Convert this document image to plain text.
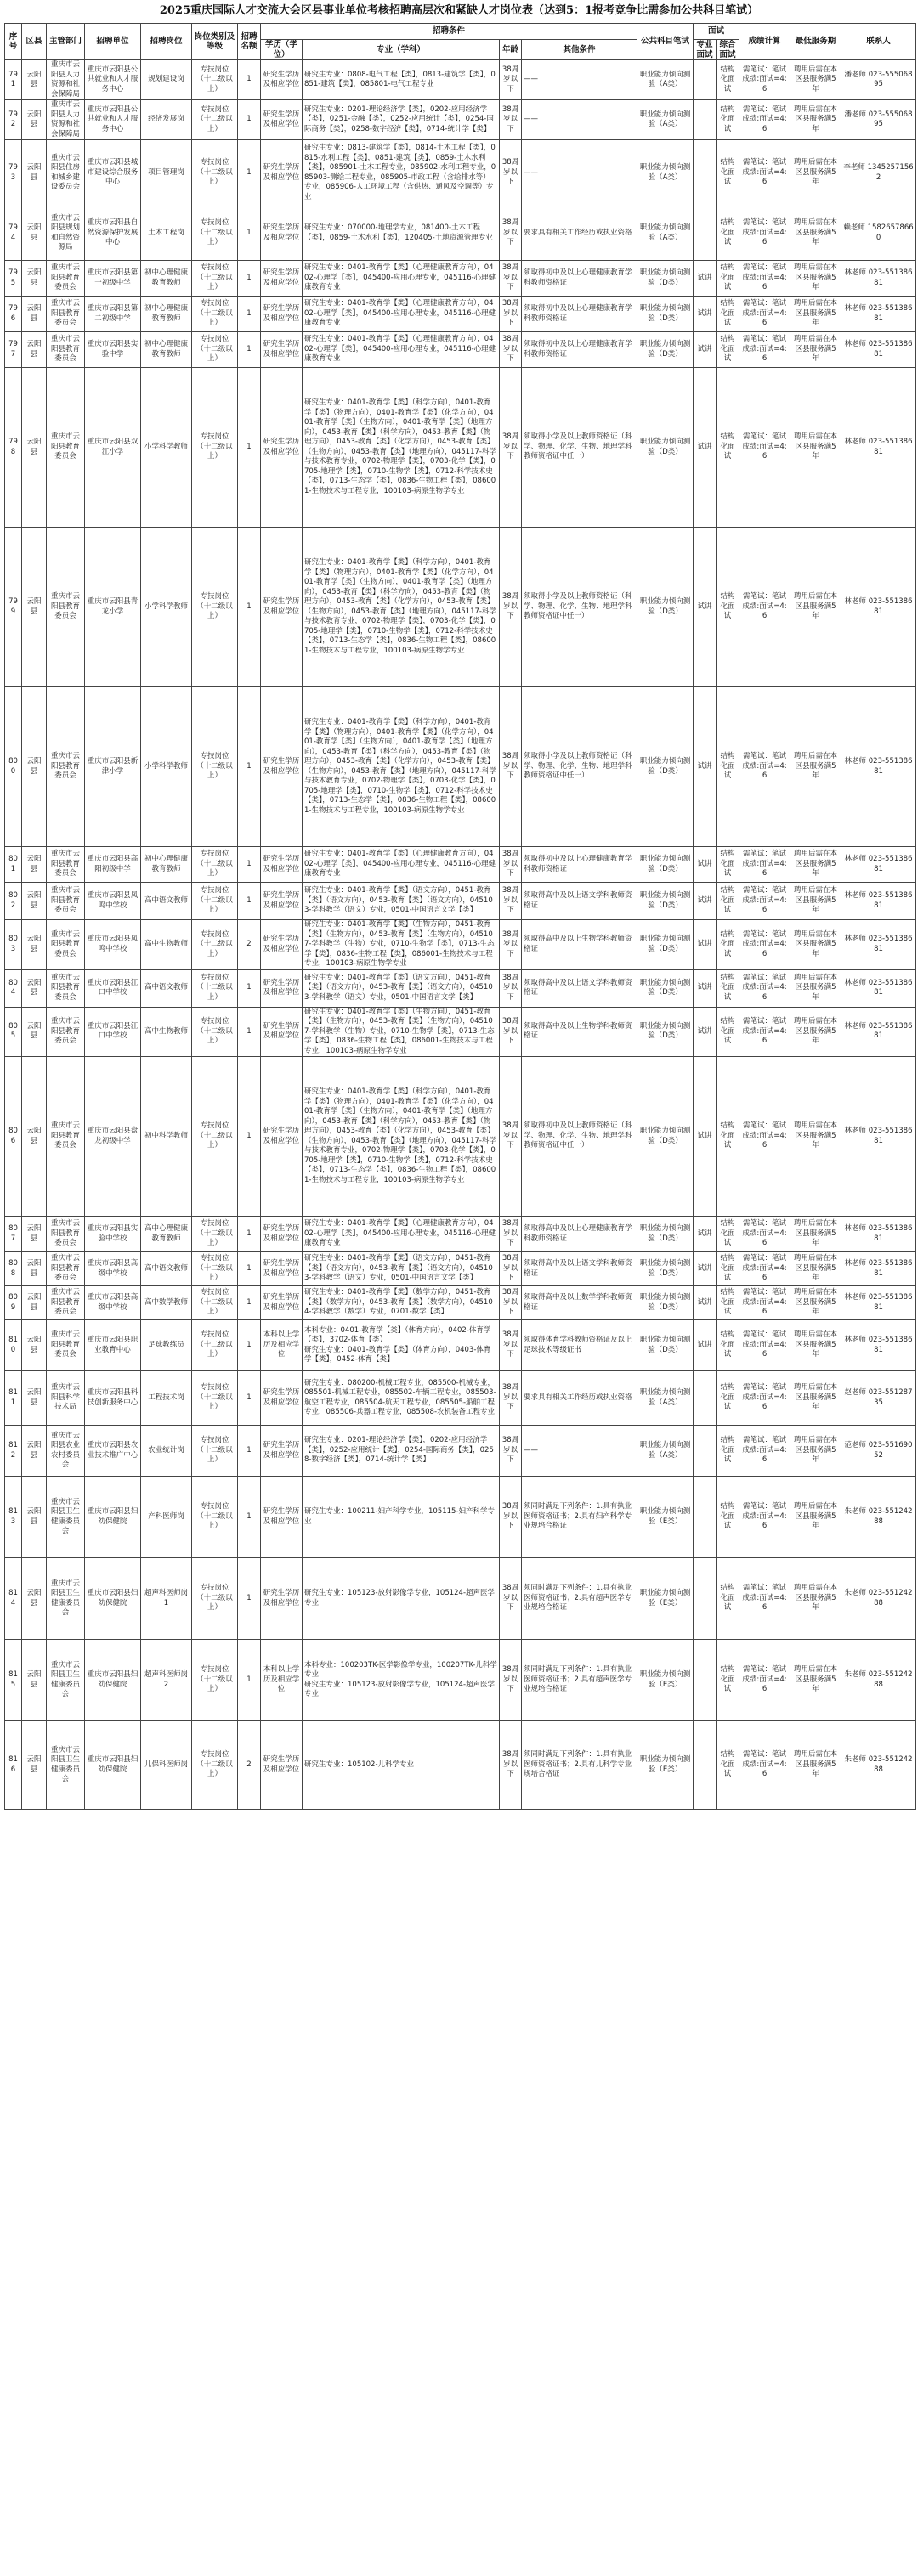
2025重庆国际人才交流大会区县事业单位考核招聘高层次和紧缺人才岗位表（达到5：1报考竞争比需参加公共科目笔试）
序号	区县	主管部门	招聘单位	招聘岗位	岗位类别及等级	招聘名额	招聘条件				公共科目笔试	面试		成绩计算	最低服务期	联系人
							学历（学位）	专业（学科）	年龄	其他条件		专业面试	综合面试			
791	云阳县	重庆市云阳县人力资源和社会保障局	重庆市云阳县公共就业和人才服务中心	规划建设岗	专技岗位（十二级以上）	1	研究生学历及相应学位	研究生专业：0808-电气工程【类】，0813-建筑学【类】，0851-建筑【类】，085801-电气工程专业	38周岁以下	——	职业能力倾向测验（A类）		结构化面试	需笔试：笔试成绩:面试=4:6	聘用后需在本区县服务满5年	潘老师 023-55506895
792	云阳县	重庆市云阳县人力资源和社会保障局	重庆市云阳县公共就业和人才服务中心	经济发展岗	专技岗位（十二级以上）	1	研究生学历及相应学位	研究生专业：0201-理论经济学【类】，0202-应用经济学【类】，0251-金融【类】，0252-应用统计【类】，0254-国际商务【类】，0258-数字经济【类】，0714-统计学【类】	38周岁以下	——	职业能力倾向测验（A类）		结构化面试	需笔试：笔试成绩:面试=4:6	聘用后需在本区县服务满5年	潘老师 023-55506895
793	云阳县	重庆市云阳县住房和城乡建设委员会	重庆市云阳县城市建设综合服务中心	项目管理岗	专技岗位（十二级以上）	1	研究生学历及相应学位	研究生专业：0813-建筑学【类】，0814-土木工程【类】，0815-水利工程【类】，0851-建筑【类】，0859-土木水利【类】，085901-土木工程专业，085902-水利工程专业，085903-测绘工程专业，085905-市政工程（含给排水等）专业，085906-人工环境工程（含供热、通风及空调等）专业	38周岁以下	——	职业能力倾向测验（A类）		结构化面试	需笔试：笔试成绩:面试=4:6	聘用后需在本区县服务满5年	李老师 13452571562
794	云阳县	重庆市云阳县规划和自然资源局	重庆市云阳县自然资源保护发展中心	土木工程岗	专技岗位（十二级以上）	1	研究生学历及相应学位	研究生专业：070000-地理学专业，081400-土木工程【类】，0859-土木水利【类】，120405-土地资源管理专业	38周岁以下	要求具有相关工作经历或执业资格	职业能力倾向测验（A类）		结构化面试	需笔试：笔试成绩:面试=4:6	聘用后需在本区县服务满5年	赖老师 15826578660
795	云阳县	重庆市云阳县教育委员会	重庆市云阳县第一初级中学	初中心理健康教育教师	专技岗位（十二级以上）	1	研究生学历及相应学位	研究生专业：0401-教育学【类】（心理健康教育方向），0402-心理学【类】，045400-应用心理专业，045116-心理健康教育专业	38周岁以下	须取得初中及以上心理健康教育学科教师资格证	职业能力倾向测验（D类）	试讲	结构化面试	需笔试：笔试成绩:面试=4:6	聘用后需在本区县服务满5年	林老师 023-55138681
796	云阳县	重庆市云阳县教育委员会	重庆市云阳县第二初级中学	初中心理健康教育教师	专技岗位（十二级以上）	1	研究生学历及相应学位	研究生专业：0401-教育学【类】（心理健康教育方向），0402-心理学【类】，045400-应用心理专业，045116-心理健康教育专业	38周岁以下	须取得初中及以上心理健康教育学科教师资格证	职业能力倾向测验（D类）	试讲	结构化面试	需笔试：笔试成绩:面试=4:6	聘用后需在本区县服务满5年	林老师 023-55138681
797	云阳县	重庆市云阳县教育委员会	重庆市云阳县实验中学	初中心理健康教育教师	专技岗位（十二级以上）	1	研究生学历及相应学位	研究生专业：0401-教育学【类】（心理健康教育方向），0402-心理学【类】，045400-应用心理专业，045116-心理健康教育专业	38周岁以下	须取得初中及以上心理健康教育学科教师资格证	职业能力倾向测验（D类）	试讲	结构化面试	需笔试：笔试成绩:面试=4:6	聘用后需在本区县服务满5年	林老师 023-55138681
798	云阳县	重庆市云阳县教育委员会	重庆市云阳县双江小学	小学科学教师	专技岗位（十二级以上）	1	研究生学历及相应学位	研究生专业：0401-教育学【类】（科学方向），0401-教育学【类】（物理方向），0401-教育学【类】（化学方向），0401-教育学【类】（生物方向），0401-教育学【类】（地理方向），0453-教育【类】（科学方向），0453-教育【类】（物理方向），0453-教育【类】（化学方向），0453-教育【类】（生物方向），0453-教育【类】（地理方向），045117-科学与技术教育专业，0702-物理学【类】，0703-化学【类】，0705-地理学【类】，0710-生物学【类】，0712-科学技术史【类】，0713-生态学【类】，0836-生物工程【类】，086001-生物技术与工程专业，100103-病原生物学专业	38周岁以下	须取得小学及以上教师资格证（科学、物理、化学、生物、地理学科教师资格证中任一）	职业能力倾向测验（D类）	试讲	结构化面试	需笔试：笔试成绩:面试=4:6	聘用后需在本区县服务满5年	林老师 023-55138681
799	云阳县	重庆市云阳县教育委员会	重庆市云阳县青龙小学	小学科学教师	专技岗位（十二级以上）	1	研究生学历及相应学位	研究生专业：0401-教育学【类】（科学方向），0401-教育学【类】（物理方向），0401-教育学【类】（化学方向），0401-教育学【类】（生物方向），0401-教育学【类】（地理方向），0453-教育【类】（科学方向），0453-教育【类】（物理方向），0453-教育【类】（化学方向），0453-教育【类】（生物方向），0453-教育【类】（地理方向），045117-科学与技术教育专业，0702-物理学【类】，0703-化学【类】，0705-地理学【类】，0710-生物学【类】，0712-科学技术史【类】，0713-生态学【类】，0836-生物工程【类】，086001-生物技术与工程专业，100103-病原生物学专业	38周岁以下	须取得小学及以上教师资格证（科学、物理、化学、生物、地理学科教师资格证中任一）	职业能力倾向测验（D类）	试讲	结构化面试	需笔试：笔试成绩:面试=4:6	聘用后需在本区县服务满5年	林老师 023-55138681
800	云阳县	重庆市云阳县教育委员会	重庆市云阳县新津小学	小学科学教师	专技岗位（十二级以上）	1	研究生学历及相应学位	研究生专业：0401-教育学【类】（科学方向），0401-教育学【类】（物理方向），0401-教育学【类】（化学方向），0401-教育学【类】（生物方向），0401-教育学【类】（地理方向），0453-教育【类】（科学方向），0453-教育【类】（物理方向），0453-教育【类】（化学方向），0453-教育【类】（生物方向），0453-教育【类】（地理方向），045117-科学与技术教育专业，0702-物理学【类】，0703-化学【类】，0705-地理学【类】，0710-生物学【类】，0712-科学技术史【类】，0713-生态学【类】，0836-生物工程【类】，086001-生物技术与工程专业，100103-病原生物学专业	38周岁以下	须取得小学及以上教师资格证（科学、物理、化学、生物、地理学科教师资格证中任一）	职业能力倾向测验（D类）	试讲	结构化面试	需笔试：笔试成绩:面试=4:6	聘用后需在本区县服务满5年	林老师 023-55138681
801	云阳县	重庆市云阳县教育委员会	重庆市云阳县高阳初级中学	初中心理健康教育教师	专技岗位（十二级以上）	1	研究生学历及相应学位	研究生专业：0401-教育学【类】（心理健康教育方向），0402-心理学【类】，045400-应用心理专业，045116-心理健康教育专业	38周岁以下	须取得初中及以上心理健康教育学科教师资格证	职业能力倾向测验（D类）	试讲	结构化面试	需笔试：笔试成绩:面试=4:6	聘用后需在本区县服务满5年	林老师 023-55138681
802	云阳县	重庆市云阳县教育委员会	重庆市云阳县凤鸣中学校	高中语文教师	专技岗位（十二级以上）	1	研究生学历及相应学位	研究生专业：0401-教育学【类】（语文方向），0451-教育【类】（语文方向），0453-教育【类】（语文方向），045103-学科教学（语文）专业，0501-中国语言文学【类】	38周岁以下	须取得高中及以上语文学科教师资格证	职业能力倾向测验（D类）	试讲	结构化面试	需笔试：笔试成绩:面试=4:6	聘用后需在本区县服务满5年	林老师 023-55138681
803	云阳县	重庆市云阳县教育委员会	重庆市云阳县凤鸣中学校	高中生物教师	专技岗位（十二级以上）	2	研究生学历及相应学位	研究生专业：0401-教育学【类】（生物方向），0451-教育【类】（生物方向），0453-教育【类】（生物方向），045107-学科教学（生物）专业，0710-生物学【类】，0713-生态学【类】，0836-生物工程【类】，086001-生物技术与工程专业，100103-病原生物学专业	38周岁以下	须取得高中及以上生物学科教师资格证	职业能力倾向测验（D类）	试讲	结构化面试	需笔试：笔试成绩:面试=4:6	聘用后需在本区县服务满5年	林老师 023-55138681
804	云阳县	重庆市云阳县教育委员会	重庆市云阳县江口中学校	高中语文教师	专技岗位（十二级以上）	1	研究生学历及相应学位	研究生专业：0401-教育学【类】（语文方向），0451-教育【类】（语文方向），0453-教育【类】（语文方向），045103-学科教学（语文）专业，0501-中国语言文学【类】	38周岁以下	须取得高中及以上语文学科教师资格证	职业能力倾向测验（D类）	试讲	结构化面试	需笔试：笔试成绩:面试=4:6	聘用后需在本区县服务满5年	林老师 023-55138681
805	云阳县	重庆市云阳县教育委员会	重庆市云阳县江口中学校	高中生物教师	专技岗位（十二级以上）	1	研究生学历及相应学位	研究生专业：0401-教育学【类】（生物方向），0451-教育【类】（生物方向），0453-教育【类】（生物方向），045107-学科教学（生物）专业，0710-生物学【类】，0713-生态学【类】，0836-生物工程【类】，086001-生物技术与工程专业，100103-病原生物学专业	38周岁以下	须取得高中及以上生物学科教师资格证	职业能力倾向测验（D类）	试讲	结构化面试	需笔试：笔试成绩:面试=4:6	聘用后需在本区县服务满5年	林老师 023-55138681
806	云阳县	重庆市云阳县教育委员会	重庆市云阳县盘龙初级中学	初中科学教师	专技岗位（十二级以上）	1	研究生学历及相应学位	研究生专业：0401-教育学【类】（科学方向），0401-教育学【类】（物理方向），0401-教育学【类】（化学方向），0401-教育学【类】（生物方向），0401-教育学【类】（地理方向），0453-教育【类】（科学方向），0453-教育【类】（物理方向），0453-教育【类】（化学方向），0453-教育【类】（生物方向），0453-教育【类】（地理方向），045117-科学与技术教育专业，0702-物理学【类】，0703-化学【类】，0705-地理学【类】，0710-生物学【类】，0712-科学技术史【类】，0713-生态学【类】，0836-生物工程【类】，086001-生物技术与工程专业，100103-病原生物学专业	38周岁以下	须取得初中及以上教师资格证（科学、物理、化学、生物、地理学科教师资格证中任一）	职业能力倾向测验（D类）	试讲	结构化面试	需笔试：笔试成绩:面试=4:6	聘用后需在本区县服务满5年	林老师 023-55138681
807	云阳县	重庆市云阳县教育委员会	重庆市云阳县实验中学校	高中心理健康教育教师	专技岗位（十二级以上）	1	研究生学历及相应学位	研究生专业：0401-教育学【类】（心理健康教育方向），0402-心理学【类】，045400-应用心理专业，045116-心理健康教育专业	38周岁以下	须取得高中及以上心理健康教育学科教师资格证	职业能力倾向测验（D类）	试讲	结构化面试	需笔试：笔试成绩:面试=4:6	聘用后需在本区县服务满5年	林老师 023-55138681
808	云阳县	重庆市云阳县教育委员会	重庆市云阳县高级中学校	高中语文教师	专技岗位（十二级以上）	1	研究生学历及相应学位	研究生专业：0401-教育学【类】（语文方向），0451-教育【类】（语文方向），0453-教育【类】（语文方向），045103-学科教学（语文）专业，0501-中国语言文学【类】	38周岁以下	须取得高中及以上语文学科教师资格证	职业能力倾向测验（D类）	试讲	结构化面试	需笔试：笔试成绩:面试=4:6	聘用后需在本区县服务满5年	林老师 023-55138681
809	云阳县	重庆市云阳县教育委员会	重庆市云阳县高级中学校	高中数学教师	专技岗位（十二级以上）	1	研究生学历及相应学位	研究生专业：0401-教育学【类】（数学方向），0451-教育【类】（数学方向），0453-教育【类】（数学方向），045104-学科教学（数学）专业，0701-数学【类】	38周岁以下	须取得高中及以上数学学科教师资格证	职业能力倾向测验（D类）	试讲	结构化面试	需笔试：笔试成绩:面试=4:6	聘用后需在本区县服务满5年	林老师 023-55138681
810	云阳县	重庆市云阳县教育委员会	重庆市云阳县职业教育中心	足球教练员	专技岗位（十二级以上）	1	本科以上学历及相应学位	本科专业：0401-教育学【类】（体育方向），0402-体育学【类】，3702-体育【类】
研究生专业：0401-教育学【类】（体育方向），0403-体育学【类】，0452-体育【类】	38周岁以下	须取得体育学科教师资格证及以上足球技术等级证书	职业能力倾向测验（D类）	试讲	结构化面试	需笔试：笔试成绩:面试=4:6	聘用后需在本区县服务满5年	林老师 023-55138681
811	云阳县	重庆市云阳县科学技术局	重庆市云阳县科技创新服务中心	工程技术岗	专技岗位（十二级以上）	1	研究生学历及相应学位	研究生专业：080200-机械工程专业，085500-机械专业，085501-机械工程专业，085502-车辆工程专业，085503-航空工程专业，085504-航天工程专业，085505-船舶工程专业，085506-兵器工程专业，085508-农机装备工程专业	38周岁以下	要求具有相关工作经历或执业资格	职业能力倾向测验（A类）		结构化面试	需笔试：笔试成绩:面试=4:6	聘用后需在本区县服务满5年	赵老师 023-55128735
812	云阳县	重庆市云阳县农业农村委员会	重庆市云阳县农业技术推广中心	农业统计岗	专技岗位（十二级以上）	1	研究生学历及相应学位	研究生专业：0201-理论经济学【类】，0202-应用经济学【类】，0252-应用统计【类】，0254-国际商务【类】，0258-数字经济【类】，0714-统计学【类】	38周岁以下	——	职业能力倾向测验（A类）		结构化面试	需笔试：笔试成绩:面试=4:6	聘用后需在本区县服务满5年	范老师 023-55169052
813	云阳县	重庆市云阳县卫生健康委员会	重庆市云阳县妇幼保健院	产科医师岗	专技岗位（十二级以上）	1	研究生学历及相应学位	研究生专业：100211-妇产科学专业，105115-妇产科学专业	38周岁以下	须同时满足下列条件：1.具有执业医师资格证书；2.具有妇产科学专业规培合格证	职业能力倾向测验（E类）		结构化面试	需笔试：笔试成绩:面试=4:6	聘用后需在本区县服务满5年	朱老师 023-55124288
814	云阳县	重庆市云阳县卫生健康委员会	重庆市云阳县妇幼保健院	超声科医师岗1	专技岗位（十二级以上）	1	研究生学历及相应学位	研究生专业：105123-放射影像学专业，105124-超声医学专业	38周岁以下	须同时满足下列条件：1.具有执业医师资格证书；2.具有超声医学专业规培合格证	职业能力倾向测验（E类）		结构化面试	需笔试：笔试成绩:面试=4:6	聘用后需在本区县服务满5年	朱老师 023-55124288
815	云阳县	重庆市云阳县卫生健康委员会	重庆市云阳县妇幼保健院	超声科医师岗2	专技岗位（十二级以上）	1	本科以上学历及相应学位	本科专业：100203TK-医学影像学专业，100207TK-儿科学专业
研究生专业：105123-放射影像学专业，105124-超声医学专业	38周岁以下	须同时满足下列条件：1.具有执业医师资格证书；2.具有超声医学专业规培合格证	职业能力倾向测验（E类）		结构化面试	需笔试：笔试成绩:面试=4:6	聘用后需在本区县服务满5年	朱老师 023-55124288
816	云阳县	重庆市云阳县卫生健康委员会	重庆市云阳县妇幼保健院	儿保科医师岗	专技岗位（十二级以上）	2	研究生学历及相应学位	研究生专业：105102-儿科学专业	38周岁以下	须同时满足下列条件：1.具有执业医师资格证书；2.具有儿科学专业规培合格证	职业能力倾向测验（E类）		结构化面试	需笔试：笔试成绩:面试=4:6	聘用后需在本区县服务满5年	朱老师 023-55124288
